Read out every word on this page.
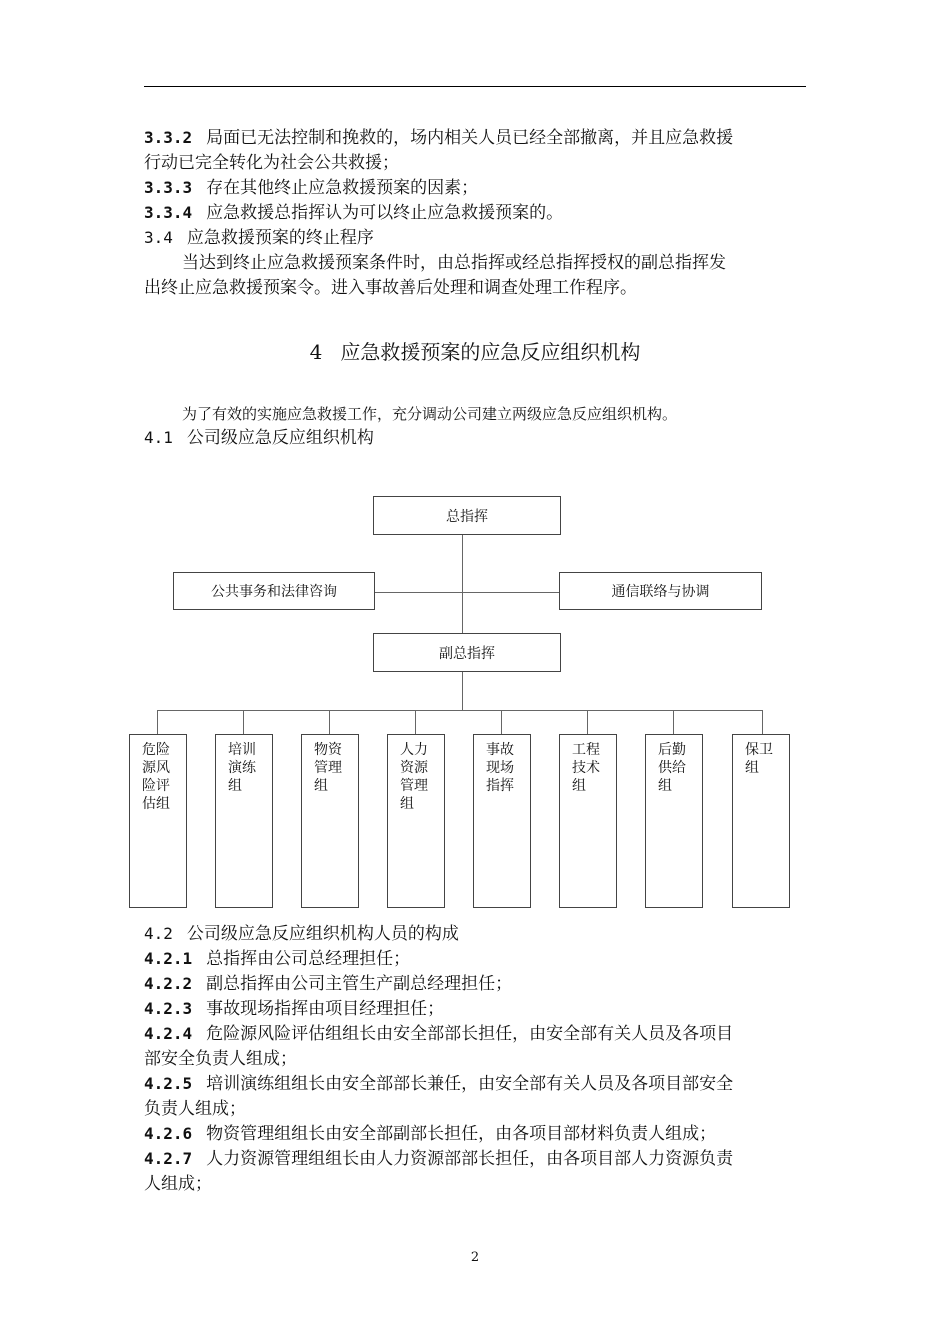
3.3.2 局面已无法控制和挽救的，场内相关人员已经全部撤离，并且应急救援
行动已完全转化为社会公共救援；
3.3.3 存在其他终止应急救援预案的因素；
3.3.4 应急救援总指挥认为可以终止应急救援预案的。
3.4 应急救援预案的终止程序
当达到终止应急救援预案条件时，由总指挥或经总指挥授权的副总指挥发
出终止应急救援预案令。进入事故善后处理和调查处理工作程序。
4 应急救援预案的应急反应组织机构
为了有效的实施应急救援工作，充分调动公司建立两级应急反应组织机构。
4.1 公司级应急反应组织机构
总指挥
公共事务和法律咨询	通信联络与协调
副总指挥
危险源风险评估组
培训演练组
物资管理组
人力资源管理组
事故现场指挥
工程技术组
后勤供给组
保卫组
4.2 公司级应急反应组织机构人员的构成
4.2.1 总指挥由公司总经理担任；
4.2.2 副总指挥由公司主管生产副总经理担任；
4.2.3 事故现场指挥由项目经理担任；
4.2.4 危险源风险评估组组长由安全部部长担任，由安全部有关人员及各项目
部安全负责人组成；
4.2.5 培训演练组组长由安全部部长兼任，由安全部有关人员及各项目部安全
负责人组成；
4.2.6 物资管理组组长由安全部副部长担任，由各项目部材料负责人组成；
4.2.7 人力资源管理组组长由人力资源部部长担任，由各项目部人力资源负责
人组成；
2
